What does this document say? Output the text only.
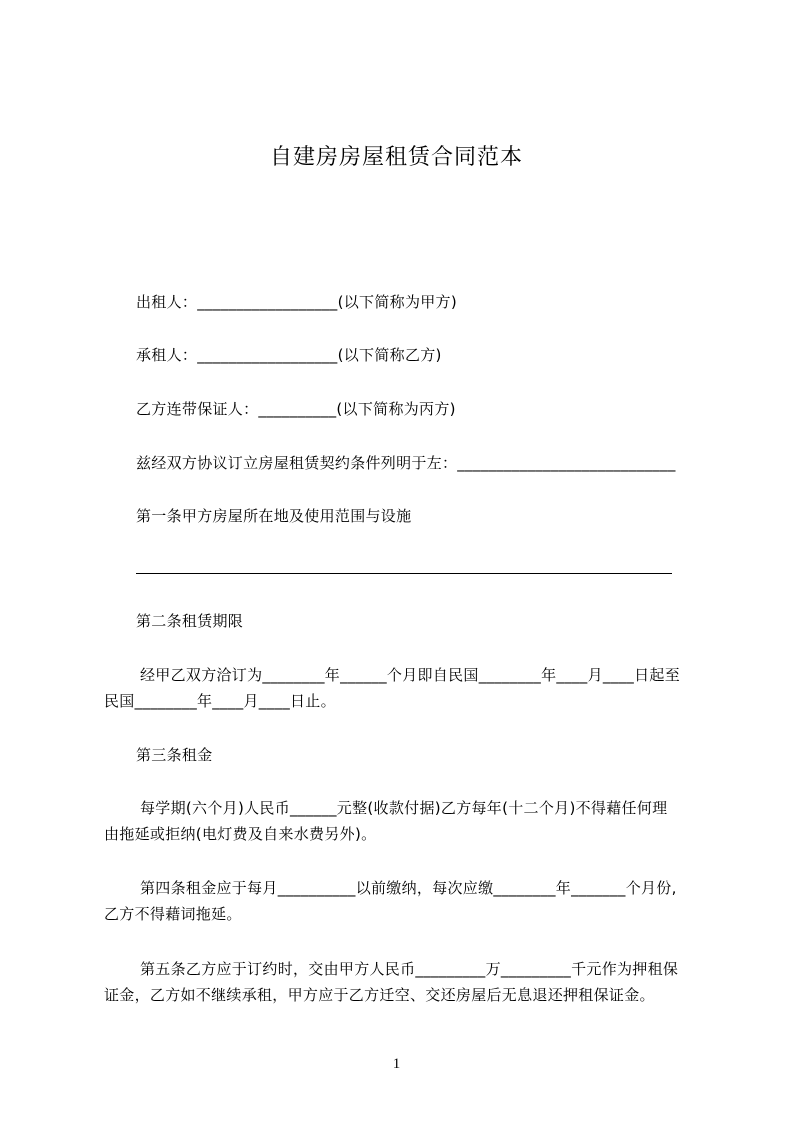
自建房房屋租赁合同范本
出租人：__________________(以下简称为甲方)
承租人：__________________(以下简称乙方)
乙方连带保证人：__________(以下简称为丙方)
兹经双方协议订立房屋租赁契约条件列明于左：____________________________
第一条甲方房屋所在地及使用范围与设施
第二条租赁期限
经甲乙双方洽订为________年______个月即自民国________年____月____日起至
民国________年____月____日止。
第三条租金
每学期(六个月)人民币______元整(收款付据)乙方每年(十二个月)不得藉任何理
由拖延或拒纳(电灯费及自来水费另外)。
第四条租金应于每月__________以前缴纳，每次应缴________年_______个月份,
乙方不得藉词拖延。
第五条乙方应于订约时，交由甲方人民币_________万_________千元作为押租保
证金，乙方如不继续承租，甲方应于乙方迁空、交还房屋后无息退还押租保证金。
1
